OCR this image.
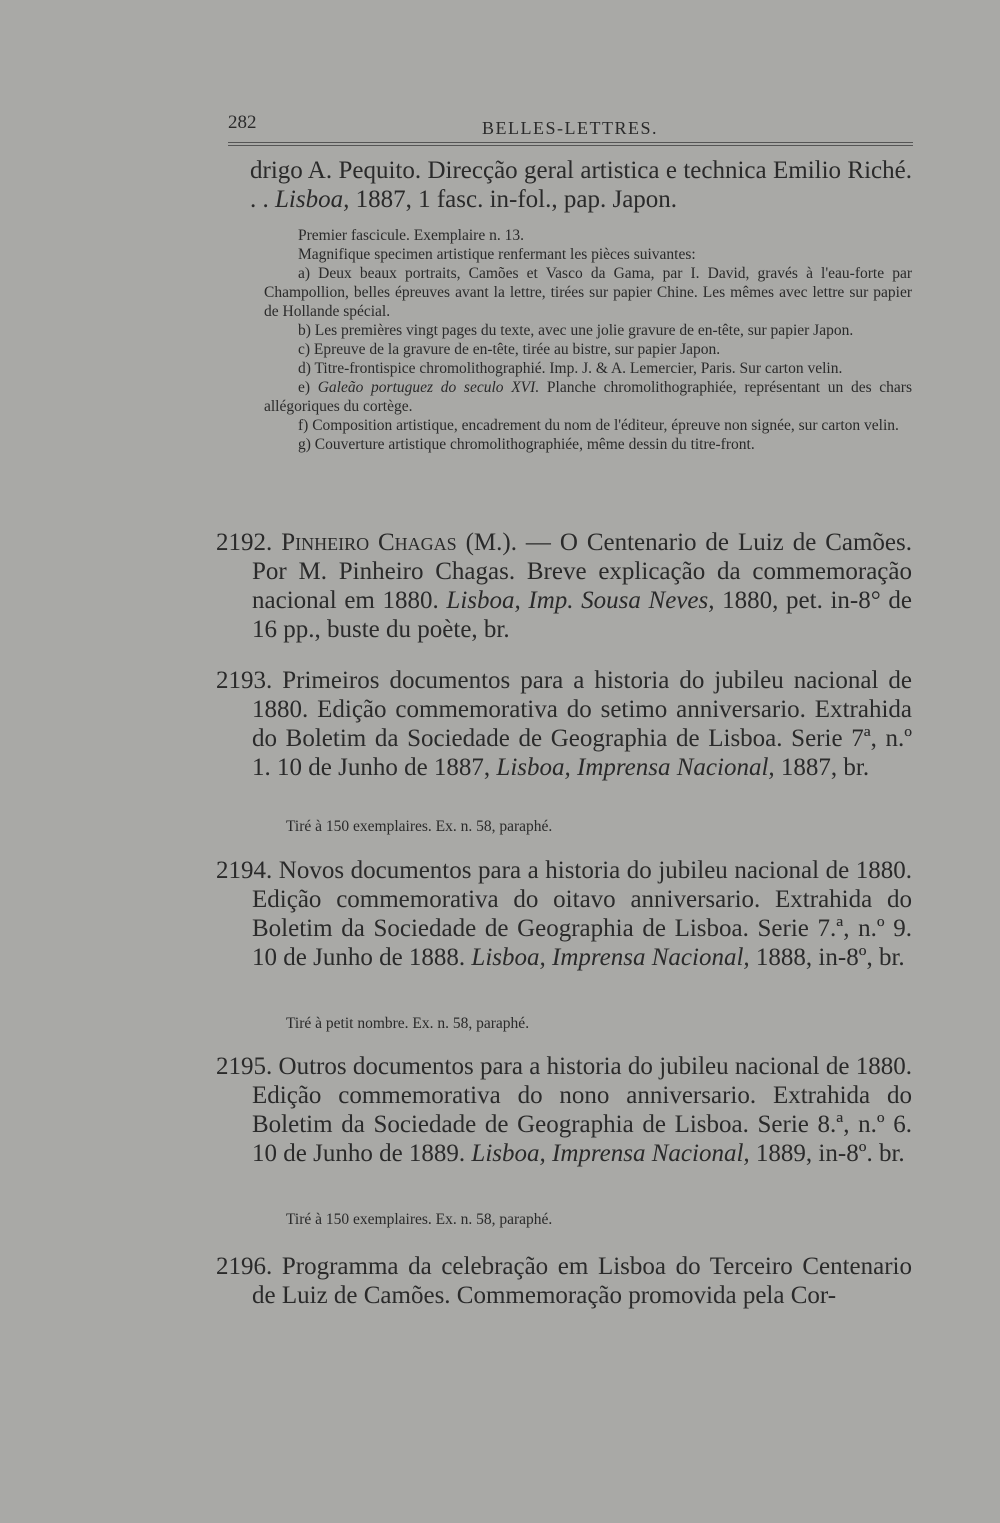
282	BELLES-LETTRES.
drigo A. Pequito. Direcção geral artistica e technica Emilio Riché. . . Lisboa, 1887, 1 fasc. in-fol., pap. Japon.

Premier fascicule. Exemplaire n. 13.

Magnifique specimen artistique renfermant les pièces suivantes:

a) Deux beaux portraits, Camões et Vasco da Gama, par I. David, gravés à l'eau-forte par Champollion, belles épreuves avant la lettre, tirées sur papier Chine. Les mêmes avec lettre sur papier de Hollande spécial.

b) Les premières vingt pages du texte, avec une jolie gravure de en-tête, sur papier Japon.

c) Epreuve de la gravure de en-tête, tirée au bistre, sur papier Japon.

d) Titre-frontispice chromolithographié. Imp. J. & A. Lemercier, Paris. Sur carton velin.

e) Galeão portuguez do seculo XVI. Planche chromolithographiée, représentant un des chars allégoriques du cortège.

f) Composition artistique, encadrement du nom de l'éditeur, épreuve non signée, sur carton velin.

g) Couverture artistique chromolithographiée, même dessin du titre-front.

2192. Pinheiro Chagas (M.). — O Centenario de Luiz de Camões. Por M. Pinheiro Chagas. Breve explicação da commemoração nacional em 1880. Lisboa, Imp. Sousa Neves, 1880, pet. in-8° de 16 pp., buste du poète, br.

2193. Primeiros documentos para a historia do jubileu nacional de 1880. Edição commemorativa do setimo anniversario. Extrahida do Boletim da Sociedade de Geographia de Lisboa. Serie 7ª, n.º 1. 10 de Junho de 1887, Lisboa, Imprensa Nacional, 1887, br.

Tiré à 150 exemplaires. Ex. n. 58, paraphé.

2194. Novos documentos para a historia do jubileu nacional de 1880. Edição commemorativa do oitavo anniversario. Extrahida do Boletim da Sociedade de Geographia de Lisboa. Serie 7.ª, n.º 9. 10 de Junho de 1888. Lisboa, Imprensa Nacional, 1888, in-8º, br.

Tiré à petit nombre. Ex. n. 58, paraphé.

2195. Outros documentos para a historia do jubileu nacional de 1880. Edição commemorativa do nono anniversario. Extrahida do Boletim da Sociedade de Geographia de Lisboa. Serie 8.ª, n.º 6. 10 de Junho de 1889. Lisboa, Imprensa Nacional, 1889, in-8º. br.

Tiré à 150 exemplaires. Ex. n. 58, paraphé.

2196. Programma da celebração em Lisboa do Terceiro Centenario de Luiz de Camões. Commemoração promovida pela Cor-
